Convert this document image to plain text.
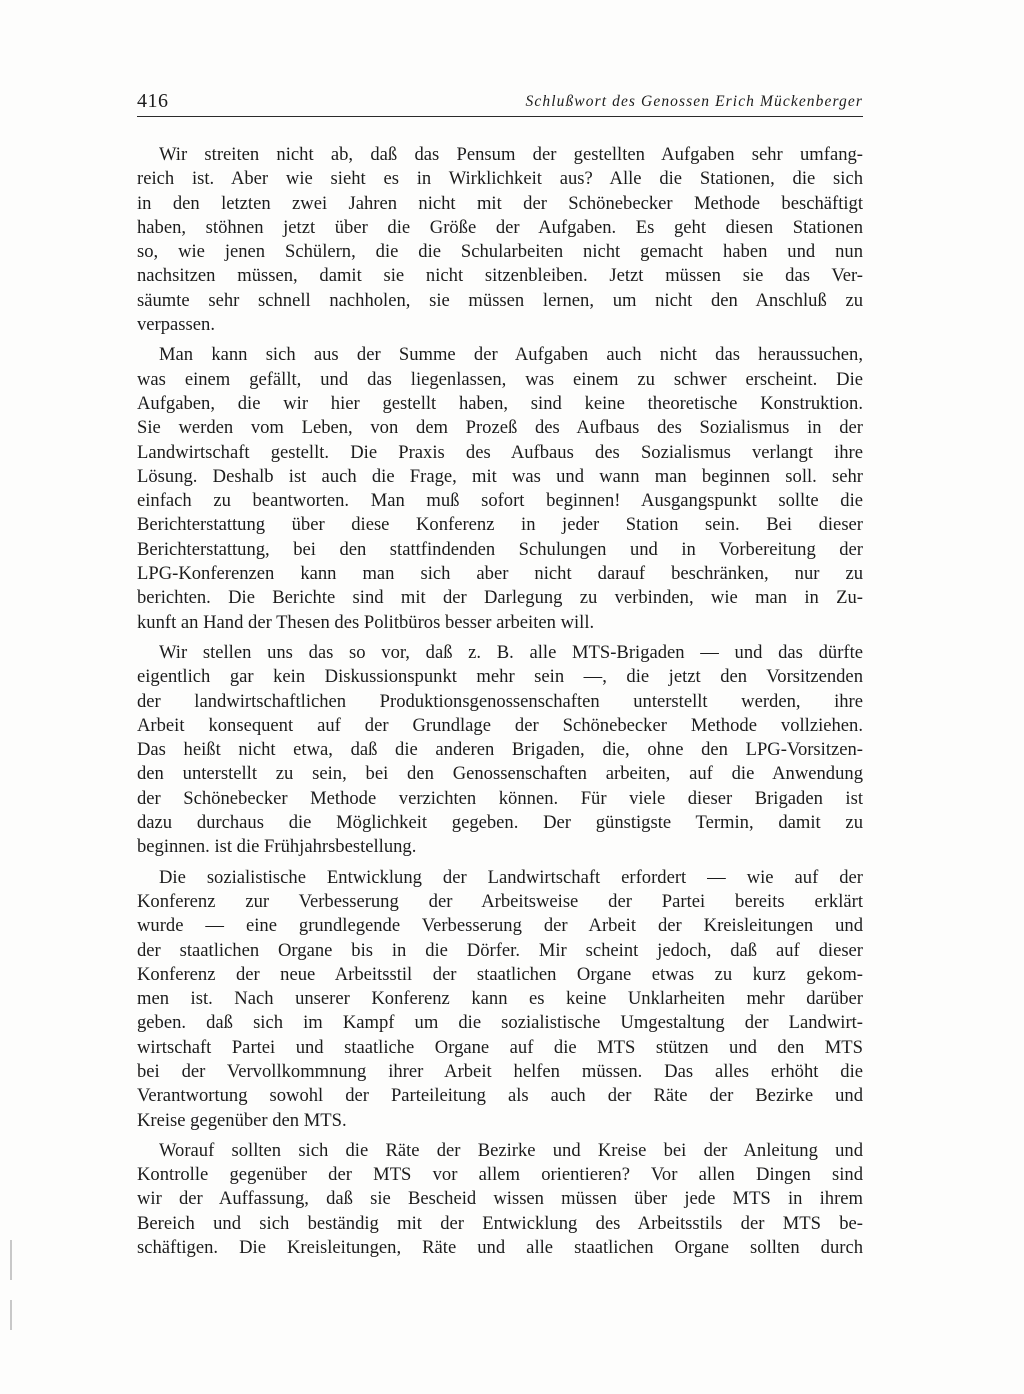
416	Schlußwort des Genossen Erich Mückenberger
Wir streiten nicht ab, daß das Pensum der gestellten Aufgaben sehr umfang-
reich ist. Aber wie sieht es in Wirklichkeit aus? Alle die Stationen, die sich
in den letzten zwei Jahren nicht mit der Schönebecker Methode beschäftigt
haben, stöhnen jetzt über die Größe der Aufgaben. Es geht diesen Stationen
so, wie jenen Schülern, die die Schularbeiten nicht gemacht haben und nun
nachsitzen müssen, damit sie nicht sitzenbleiben. Jetzt müssen sie das Ver-
säumte sehr schnell nachholen, sie müssen lernen, um nicht den Anschluß zu
verpassen.
Man kann sich aus der Summe der Aufgaben auch nicht das heraussuchen,
was einem gefällt, und das liegenlassen, was einem zu schwer erscheint. Die
Aufgaben, die wir hier gestellt haben, sind keine theoretische Konstruktion.
Sie werden vom Leben, von dem Prozeß des Aufbaus des Sozialismus in der
Landwirtschaft gestellt. Die Praxis des Aufbaus des Sozialismus verlangt ihre
Lösung. Deshalb ist auch die Frage, mit was und wann man beginnen soll. sehr
einfach zu beantworten. Man muß sofort beginnen! Ausgangspunkt sollte die
Berichterstattung über diese Konferenz in jeder Station sein. Bei dieser
Berichterstattung, bei den stattfindenden Schulungen und in Vorbereitung der
LPG-Konferenzen kann man sich aber nicht darauf beschränken, nur zu
berichten. Die Berichte sind mit der Darlegung zu verbinden, wie man in Zu-
kunft an Hand der Thesen des Politbüros besser arbeiten will.
Wir stellen uns das so vor, daß z. B. alle MTS-Brigaden — und das dürfte
eigentlich gar kein Diskussionspunkt mehr sein —, die jetzt den Vorsitzenden
der landwirtschaftlichen Produktionsgenossenschaften unterstellt werden, ihre
Arbeit konsequent auf der Grundlage der Schönebecker Methode vollziehen.
Das heißt nicht etwa, daß die anderen Brigaden, die, ohne den LPG-Vorsitzen-
den unterstellt zu sein, bei den Genossenschaften arbeiten, auf die Anwendung
der Schönebecker Methode verzichten können. Für viele dieser Brigaden ist
dazu durchaus die Möglichkeit gegeben. Der günstigste Termin, damit zu
beginnen. ist die Frühjahrsbestellung.
Die sozialistische Entwicklung der Landwirtschaft erfordert — wie auf der
Konferenz zur Verbesserung der Arbeitsweise der Partei bereits erklärt
wurde — eine grundlegende Verbesserung der Arbeit der Kreisleitungen und
der staatlichen Organe bis in die Dörfer. Mir scheint jedoch, daß auf dieser
Konferenz der neue Arbeitsstil der staatlichen Organe etwas zu kurz gekom-
men ist. Nach unserer Konferenz kann es keine Unklarheiten mehr darüber
geben. daß sich im Kampf um die sozialistische Umgestaltung der Landwirt-
wirtschaft Partei und staatliche Organe auf die MTS stützen und den MTS
bei der Vervollkommnung ihrer Arbeit helfen müssen. Das alles erhöht die
Verantwortung sowohl der Parteileitung als auch der Räte der Bezirke und
Kreise gegenüber den MTS.
Worauf sollten sich die Räte der Bezirke und Kreise bei der Anleitung und
Kontrolle gegenüber der MTS vor allem orientieren? Vor allen Dingen sind
wir der Auffassung, daß sie Bescheid wissen müssen über jede MTS in ihrem
Bereich und sich beständig mit der Entwicklung des Arbeitsstils der MTS be-
schäftigen. Die Kreisleitungen, Räte und alle staatlichen Organe sollten durch
